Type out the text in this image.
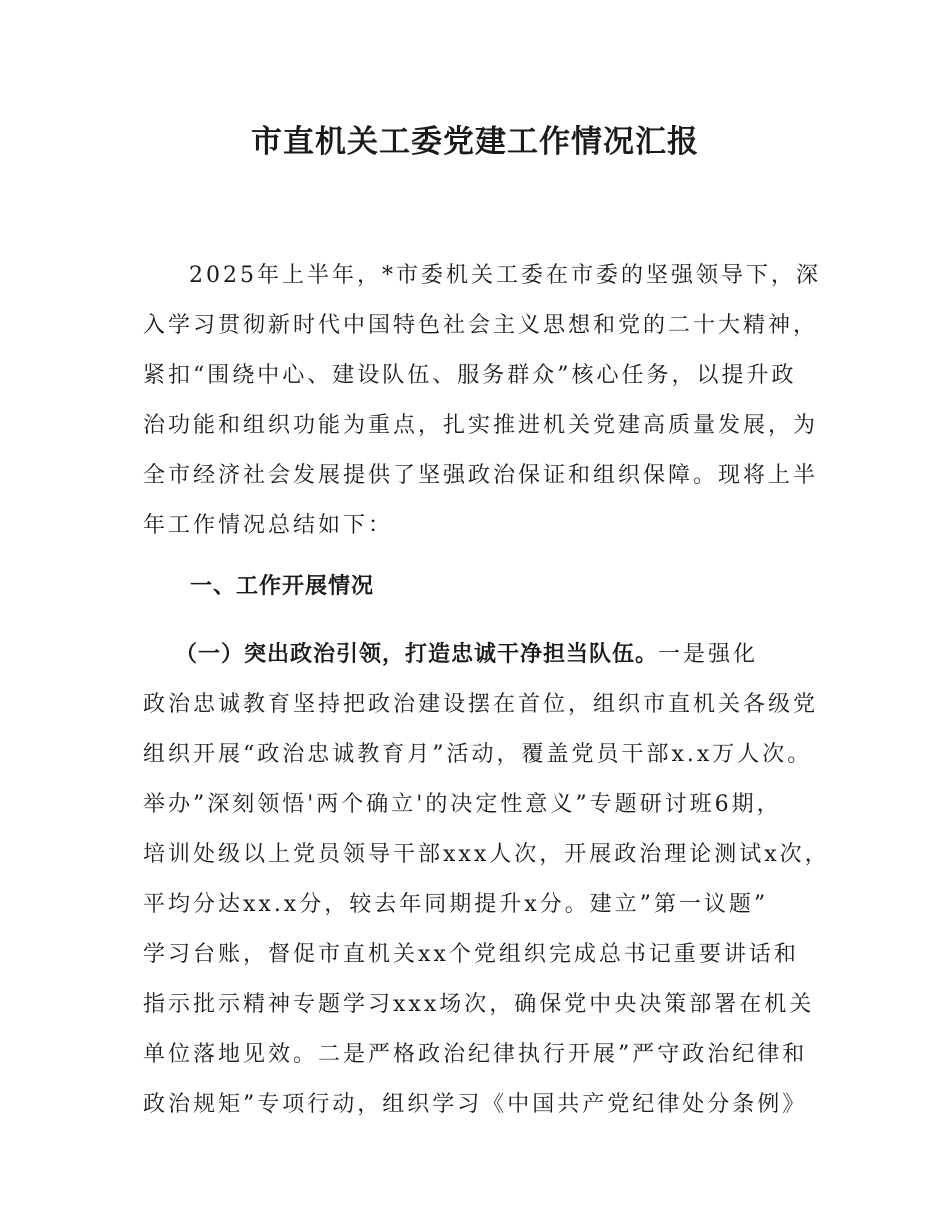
市直机关工委党建工作情况汇报
2025年上半年，*市委机关工委在市委的坚强领导下，深
入学习贯彻新时代中国特色社会主义思想和党的二十大精神，
紧扣“围绕中心、建设队伍、服务群众”核心任务，以提升政
治功能和组织功能为重点，扎实推进机关党建高质量发展，为
全市经济社会发展提供了坚强政治保证和组织保障。现将上半
年工作情况总结如下：
一、工作开展情况
（一）突出政治引领，打造忠诚干净担当队伍。一是强化
政治忠诚教育坚持把政治建设摆在首位，组织市直机关各级党
组织开展“政治忠诚教育月”活动，覆盖党员干部x.x万人次。
举办”深刻领悟'两个确立'的决定性意义”专题研讨班6期，
培训处级以上党员领导干部xxx人次，开展政治理论测试x次，
平均分达xx.x分，较去年同期提升x分。建立”第一议题”
学习台账，督促市直机关xx个党组织完成总书记重要讲话和
指示批示精神专题学习xxx场次，确保党中央决策部署在机关
单位落地见效。二是严格政治纪律执行开展”严守政治纪律和
政治规矩”专项行动，组织学习《中国共产党纪律处分条例》
